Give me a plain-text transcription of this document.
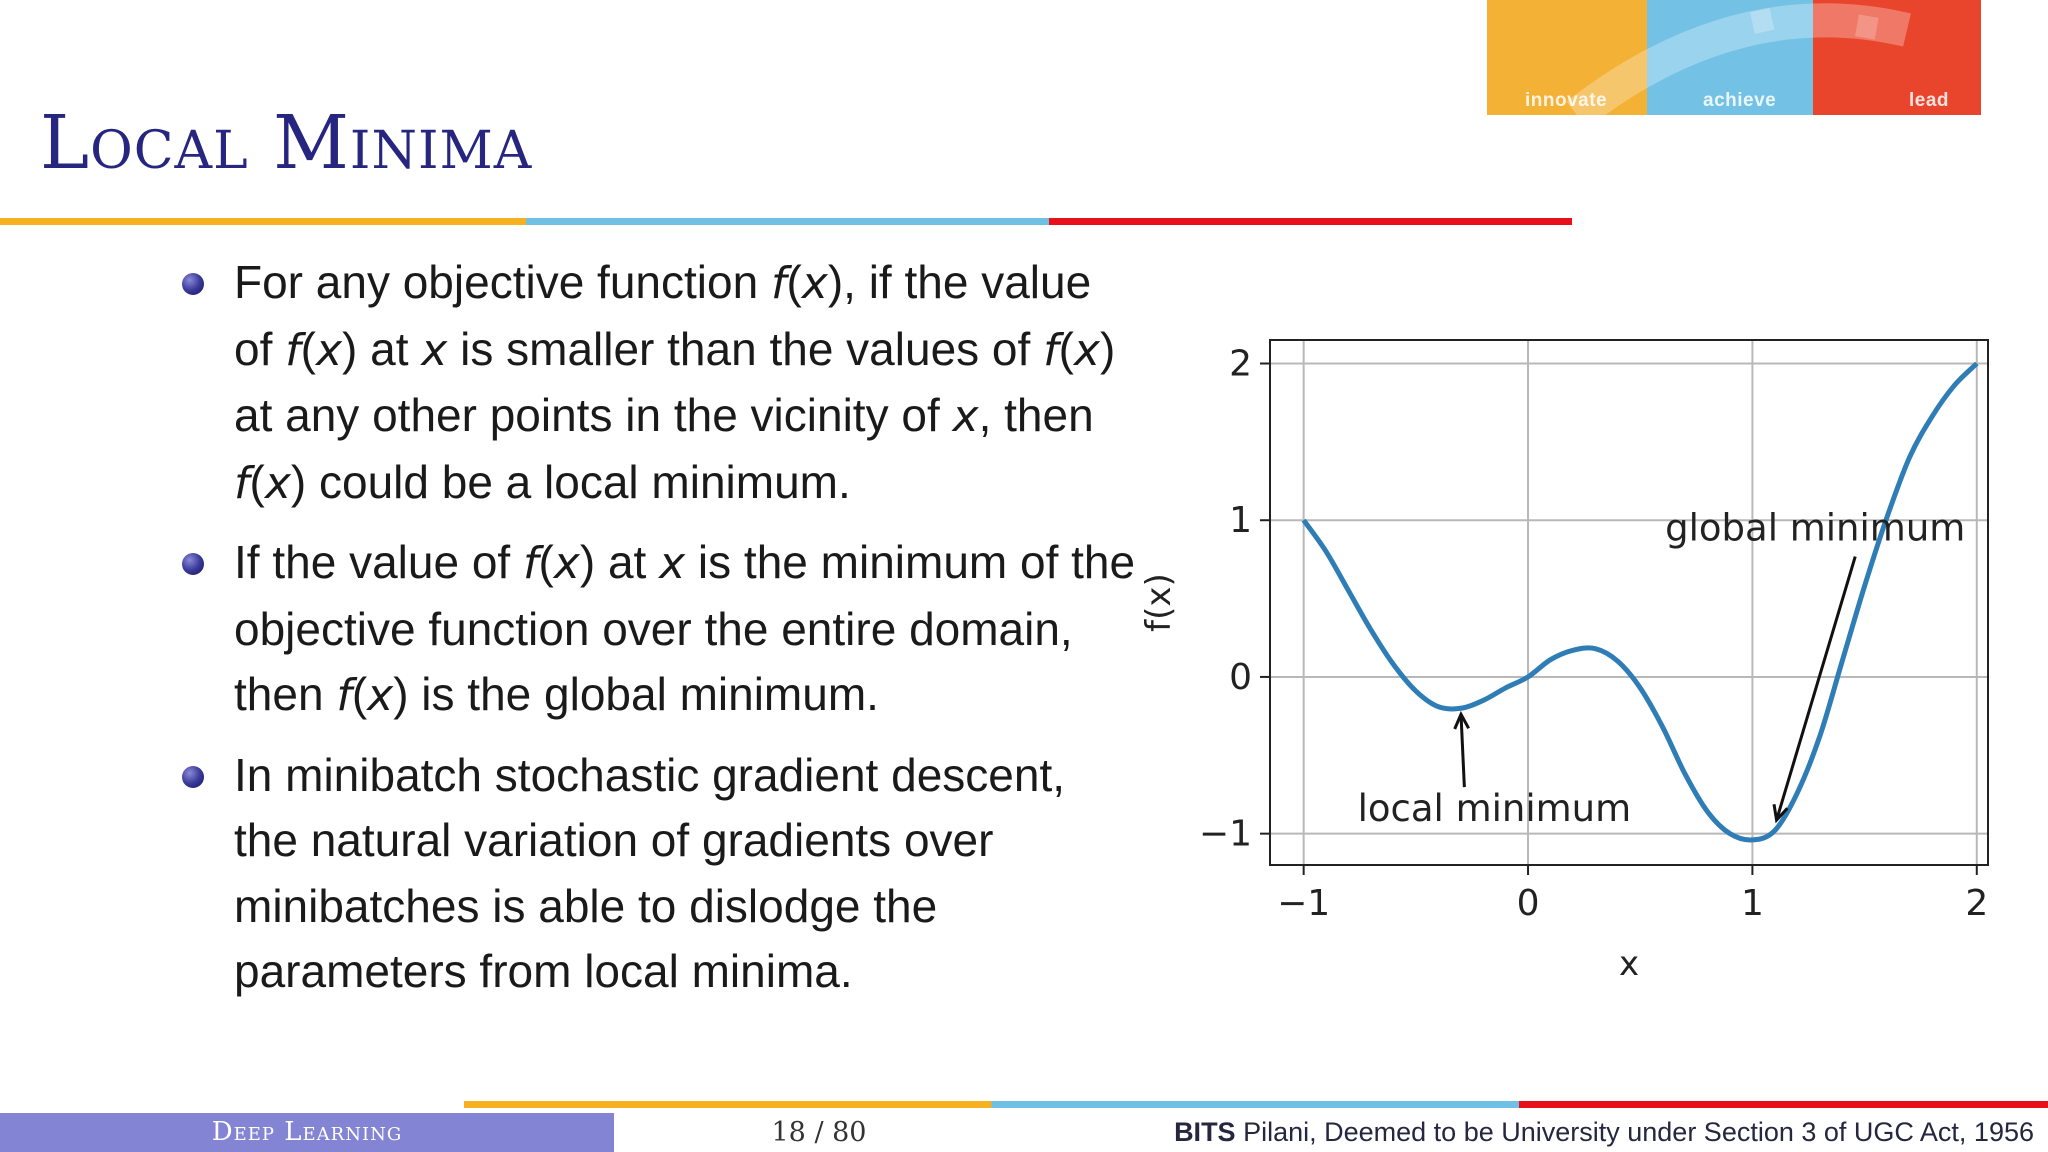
innovate	achieve	lead
Local Minima
For any objective function f(x), if the value of f(x) at x is smaller than the values of f(x) at any other points in the vicinity of x, then f(x) could be a local minimum.
If the value of f(x) at x is the minimum of the objective function over the entire domain, then f(x) is the global minimum.
In minibatch stochastic gradient descent, the natural variation of gradients over minibatches is able to dislodge the parameters from local minima.
−1	0	1	2
−1
0
1
2
local minimum
global minimum
x
f(x)
Deep Learning	18 / 80	BITS Pilani, Deemed to be University under Section 3 of UGC Act, 1956
